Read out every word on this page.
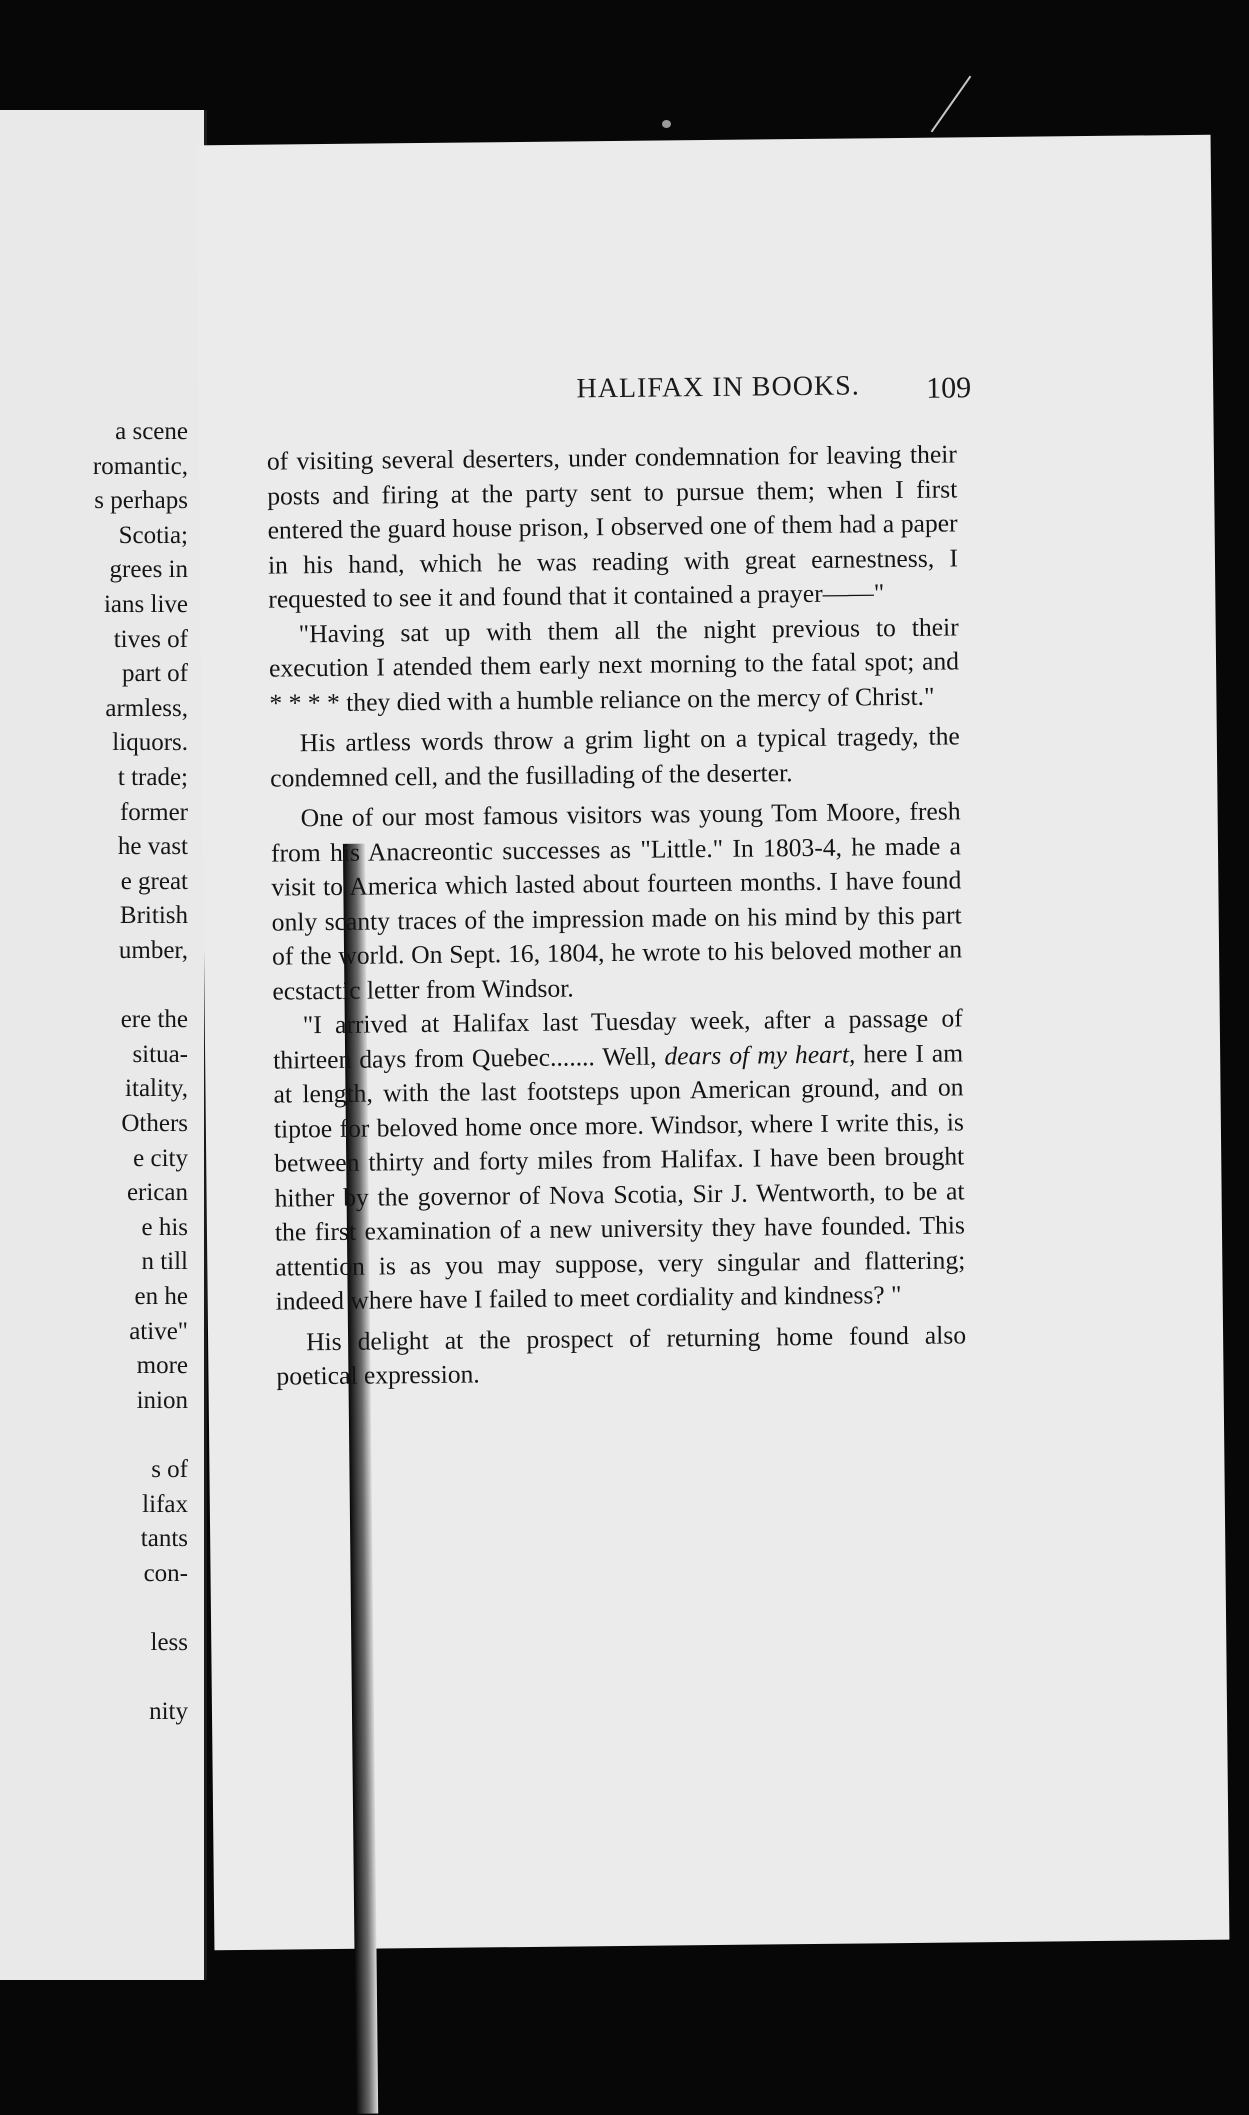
a scene
romantic,
s perhaps
Scotia;
grees in
ians live
tives of
part of
armless,
liquors.
t trade;
former
he vast
e great
British
umber,
ere the
situa-
itality,
Others
e city
erican
e his
n till
en he
ative"
more
inion
s of
lifax
tants
con-
less
nity
HALIFAX IN BOOKS.	109

of visiting several deserters, under condemnation for leaving their posts and firing at the party sent to pursue them; when I first entered the guard house prison, I observed one of them had a paper in his hand, which he was reading with great earnestness, I requested to see it and found that it contained a prayer——"

"Having sat up with them all the night previous to their execution I atended them early next morning to the fatal spot; and * * * * they died with a humble reliance on the mercy of Christ."

His artless words throw a grim light on a typical tragedy, the condemned cell, and the fusillading of the deserter.

One of our most famous visitors was young Tom Moore, fresh from his Anacreontic successes as "Little." In 1803-4, he made a visit to America which lasted about fourteen months. I have found only scanty traces of the impression made on his mind by this part of the world. On Sept. 16, 1804, he wrote to his beloved mother an ecstactic letter from Windsor.

"I arrived at Halifax last Tuesday week, after a passage of thirteen days from Quebec....... Well, dears of my heart, here I am at length, with the last footsteps upon American ground, and on tiptoe for beloved home once more. Windsor, where I write this, is between thirty and forty miles from Halifax. I have been brought hither by the governor of Nova Scotia, Sir J. Wentworth, to be at the first examination of a new university they have founded. This attention is as you may suppose, very singular and flattering; indeed where have I failed to meet cordiality and kindness? "

His delight at the prospect of returning home found also poetical expression.
